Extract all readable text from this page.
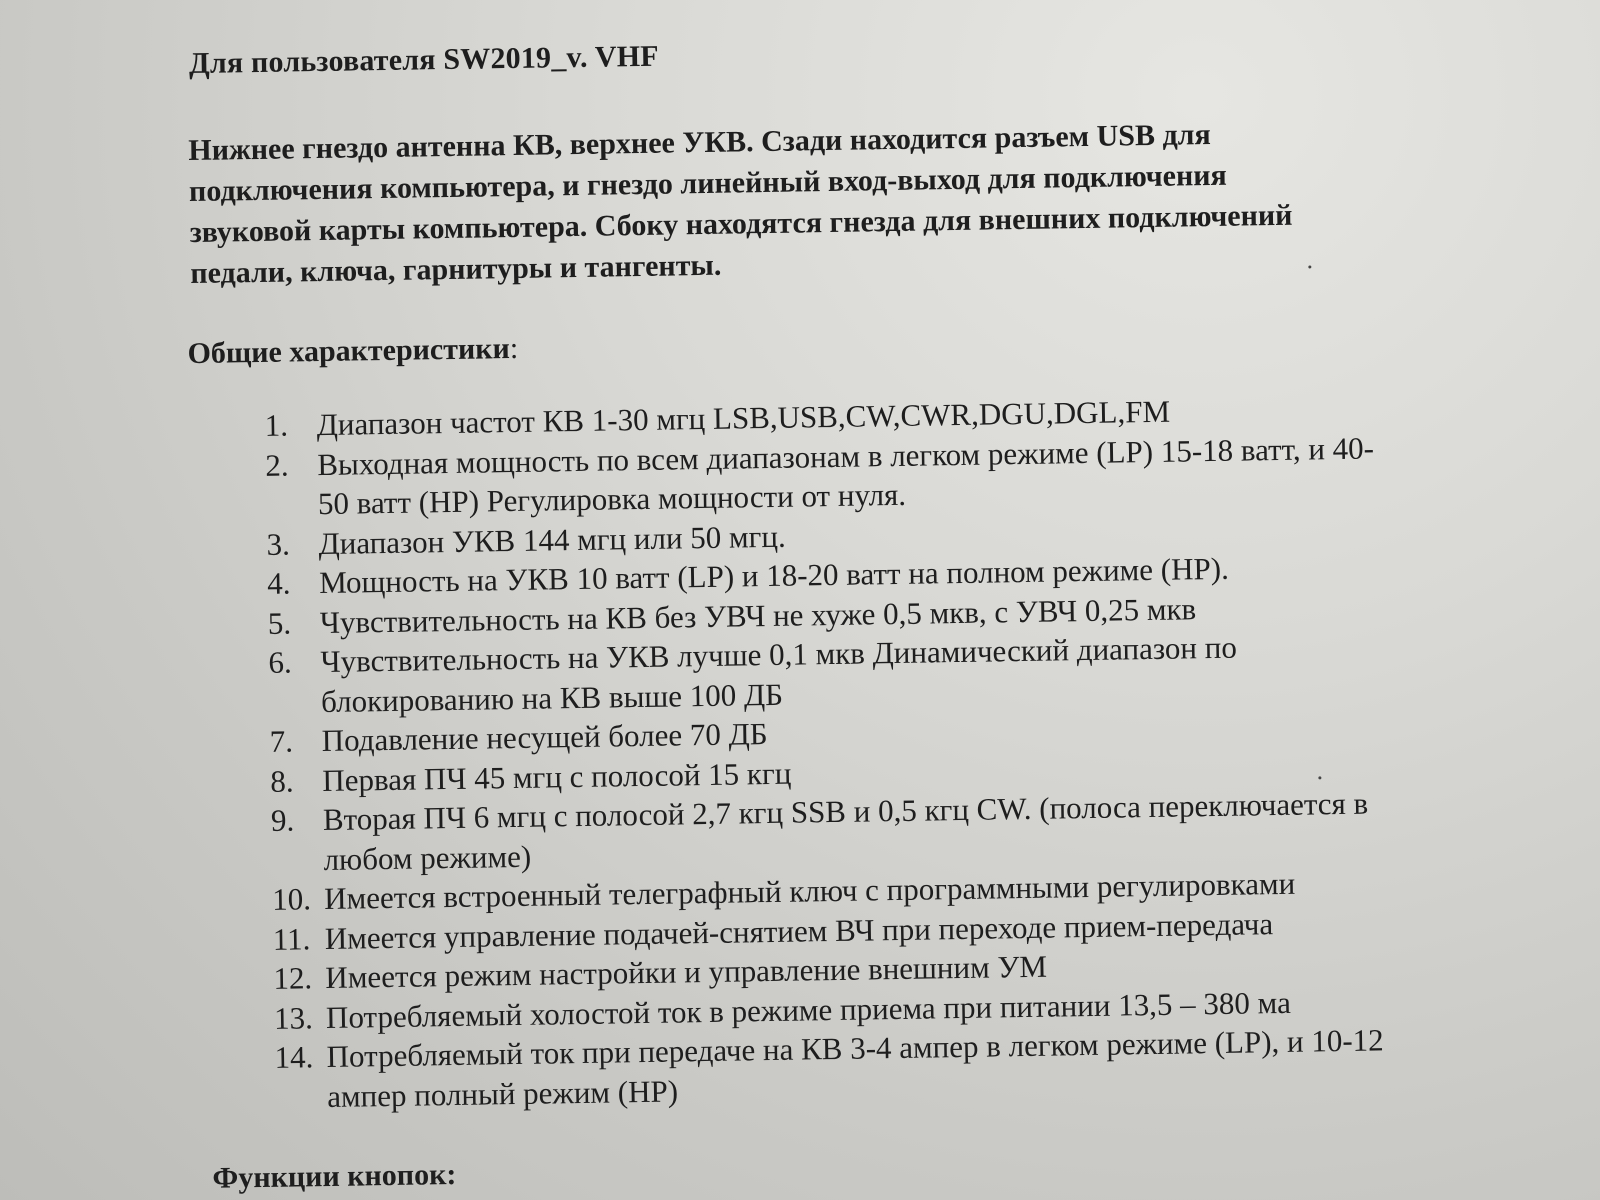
Для пользователя SW2019_v. VHF
Нижнее гнездо антенна КВ, верхнее УКВ. Сзади находится разъем USB для
подключения компьютера, и гнездо линейный вход-выход для подключения
звуковой карты компьютера. Сбоку находятся гнезда для внешних подключений
педали, ключа, гарнитуры и тангенты.
Общие характеристики:
1. Диапазон частот КВ 1-30 мгц LSB,USB,CW,CWR,DGU,DGL,FM
2. Выходная мощность по всем диапазонам в легком режиме (LP) 15-18 ватт, и 40-
50 ватт (HP) Регулировка мощности от нуля.
3. Диапазон УКВ 144 мгц или 50 мгц.
4. Мощность на УКВ 10 ватт (LP) и 18-20 ватт на полном режиме (HP).
5. Чувствительность на КВ без УВЧ не хуже 0,5 мкв, с УВЧ 0,25 мкв
6. Чувствительность на УКВ лучше 0,1 мкв Динамический диапазон по
блокированию на КВ выше 100 ДБ
7. Подавление несущей более 70 ДБ
8. Первая ПЧ 45 мгц с полосой 15 кгц
9. Вторая ПЧ 6 мгц с полосой 2,7 кгц SSB и 0,5 кгц CW. (полоса переключается в
любом режиме)
10. Имеется встроенный телеграфный ключ с программными регулировками
11. Имеется управление подачей-снятием ВЧ при переходе прием-передача
12. Имеется режим настройки и управление внешним УМ
13. Потребляемый холостой ток в режиме приема при питании 13,5 – 380 ма
14. Потребляемый ток при передаче на КВ 3-4 ампер в легком режиме (LP), и 10-12
ампер полный режим (HP)
Функции кнопок:
